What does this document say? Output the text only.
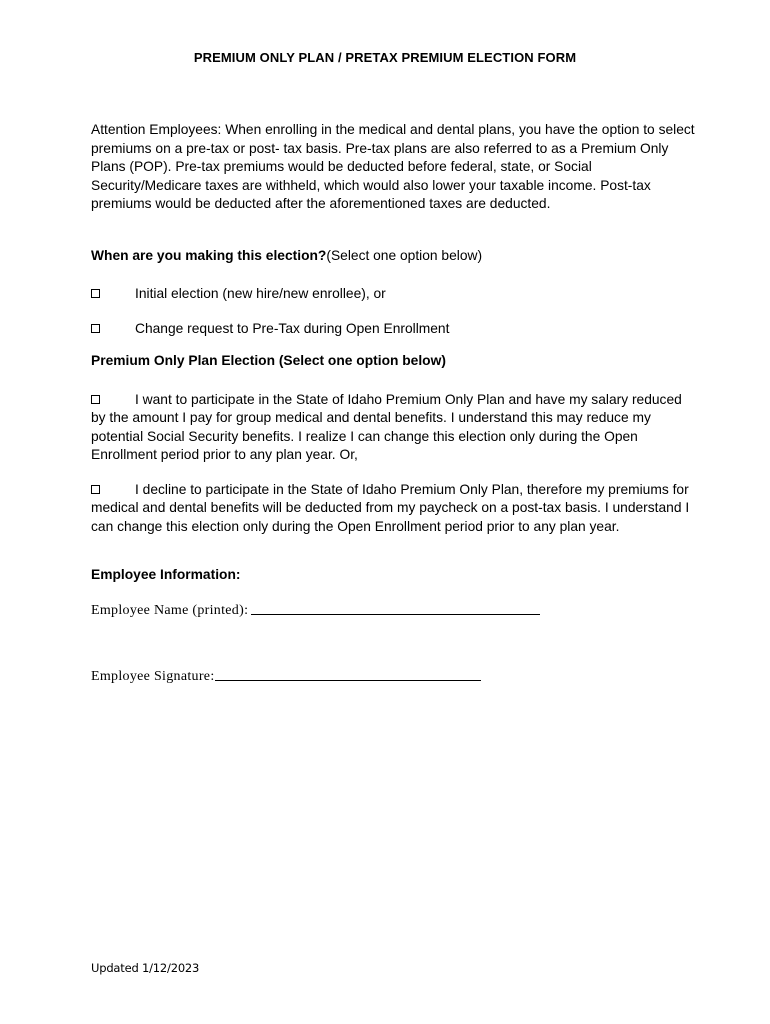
PREMIUM ONLY PLAN / PRETAX PREMIUM ELECTION FORM
Attention Employees: When enrolling in the medical and dental plans, you have the option to select premiums on a pre-tax or post- tax basis. Pre-tax plans are also referred to as a Premium Only Plans (POP). Pre-tax premiums would be deducted before federal, state, or Social Security/Medicare taxes are withheld, which would also lower your taxable income. Post-tax premiums would be deducted after the aforementioned taxes are deducted.
When are you making this election?(Select one option below)
Initial election (new hire/new enrollee), or
Change request to Pre-Tax during Open Enrollment
Premium Only Plan Election (Select one option below)
I want to participate in the State of Idaho Premium Only Plan and have my salary reduced by the amount I pay for group medical and dental benefits. I understand this may reduce my potential Social Security benefits. I realize I can change this election only during the Open Enrollment period prior to any plan year. Or,
I decline to participate in the State of Idaho Premium Only Plan, therefore my premiums for medical and dental benefits will be deducted from my paycheck on a post-tax basis. I understand I can change this election only during the Open Enrollment period prior to any plan year.
Employee Information:
Employee Name (printed):
Employee Signature:
Updated 1/12/2023
